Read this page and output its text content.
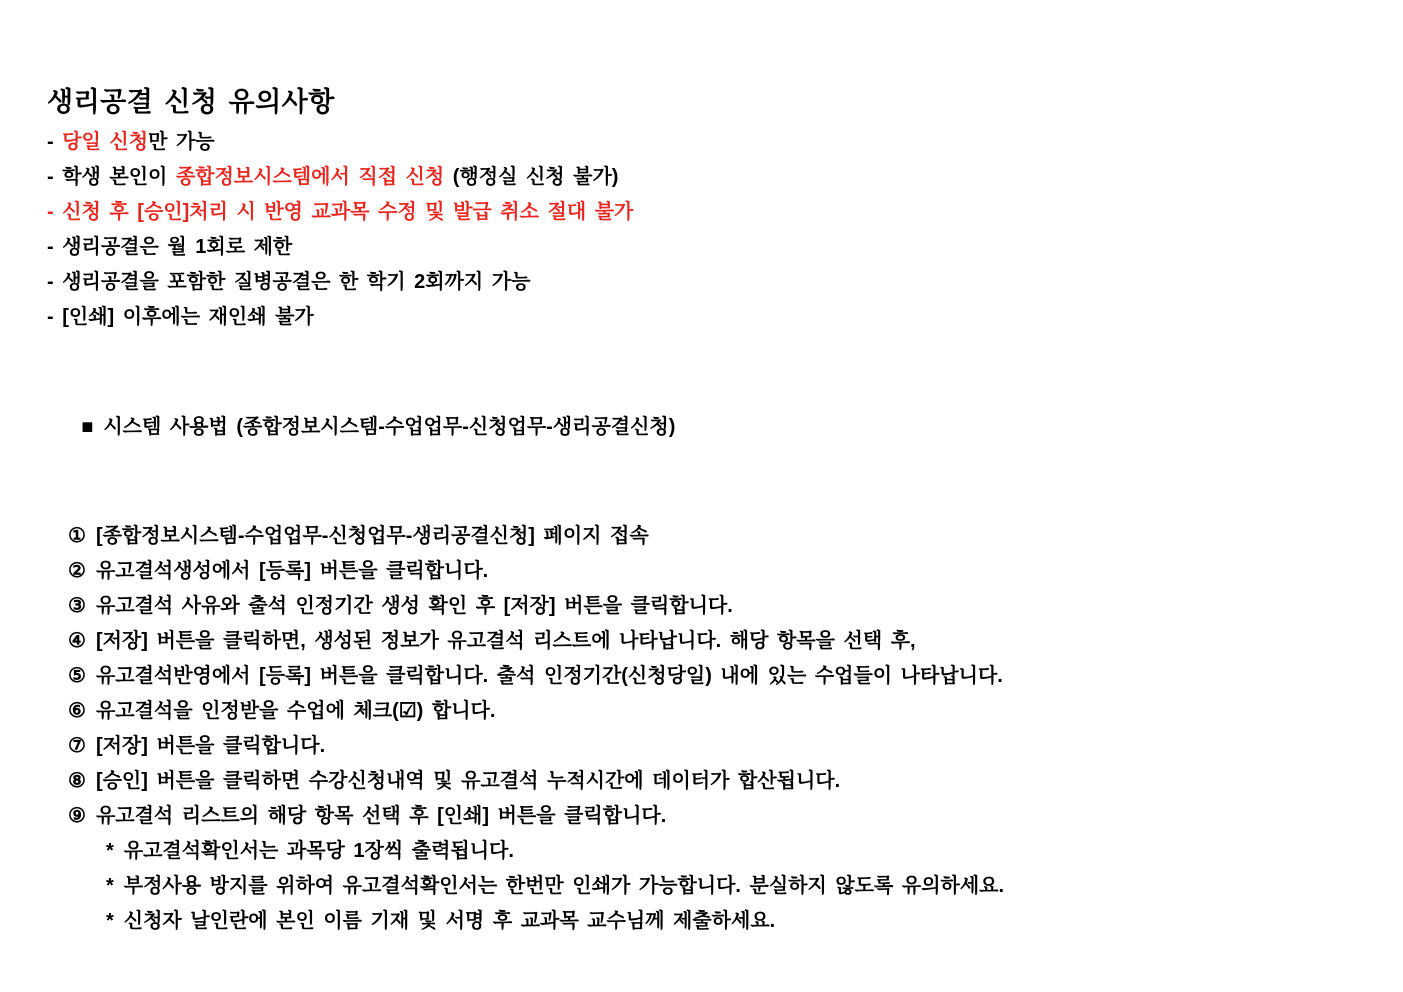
생리공결 신청 유의사항
- 당일 신청만 가능
- 학생 본인이 종합정보시스템에서 직접 신청 (행정실 신청 불가)
- 신청 후 [승인]처리 시 반영 교과목 수정 및 발급 취소 절대 불가
- 생리공결은 월 1회로 제한
- 생리공결을 포함한 질병공결은 한 학기 2회까지 가능
- [인쇄] 이후에는 재인쇄 불가

■ 시스템 사용법 (종합정보시스템-수업업무-신청업무-생리공결신청)

① [종합정보시스템-수업업무-신청업무-생리공결신청] 페이지 접속
② 유고결석생성에서 [등록] 버튼을 클릭합니다.
③ 유고결석 사유와 출석 인정기간 생성 확인 후 [저장] 버튼을 클릭합니다.
④ [저장] 버튼을 클릭하면, 생성된 정보가 유고결석 리스트에 나타납니다. 해당 항목을 선택 후,
⑤ 유고결석반영에서 [등록] 버튼을 클릭합니다. 출석 인정기간(신청당일) 내에 있는 수업들이 나타납니다.
⑥ 유고결석을 인정받을 수업에 체크(☑) 합니다.
⑦ [저장] 버튼을 클릭합니다.
⑧ [승인] 버튼을 클릭하면 수강신청내역 및 유고결석 누적시간에 데이터가 합산됩니다.
⑨ 유고결석 리스트의 해당 항목 선택 후 [인쇄] 버튼을 클릭합니다.
* 유고결석확인서는 과목당 1장씩 출력됩니다.
* 부정사용 방지를 위하여 유고결석확인서는 한번만 인쇄가 가능합니다. 분실하지 않도록 유의하세요.
* 신청자 날인란에 본인 이름 기재 및 서명 후 교과목 교수님께 제출하세요.
